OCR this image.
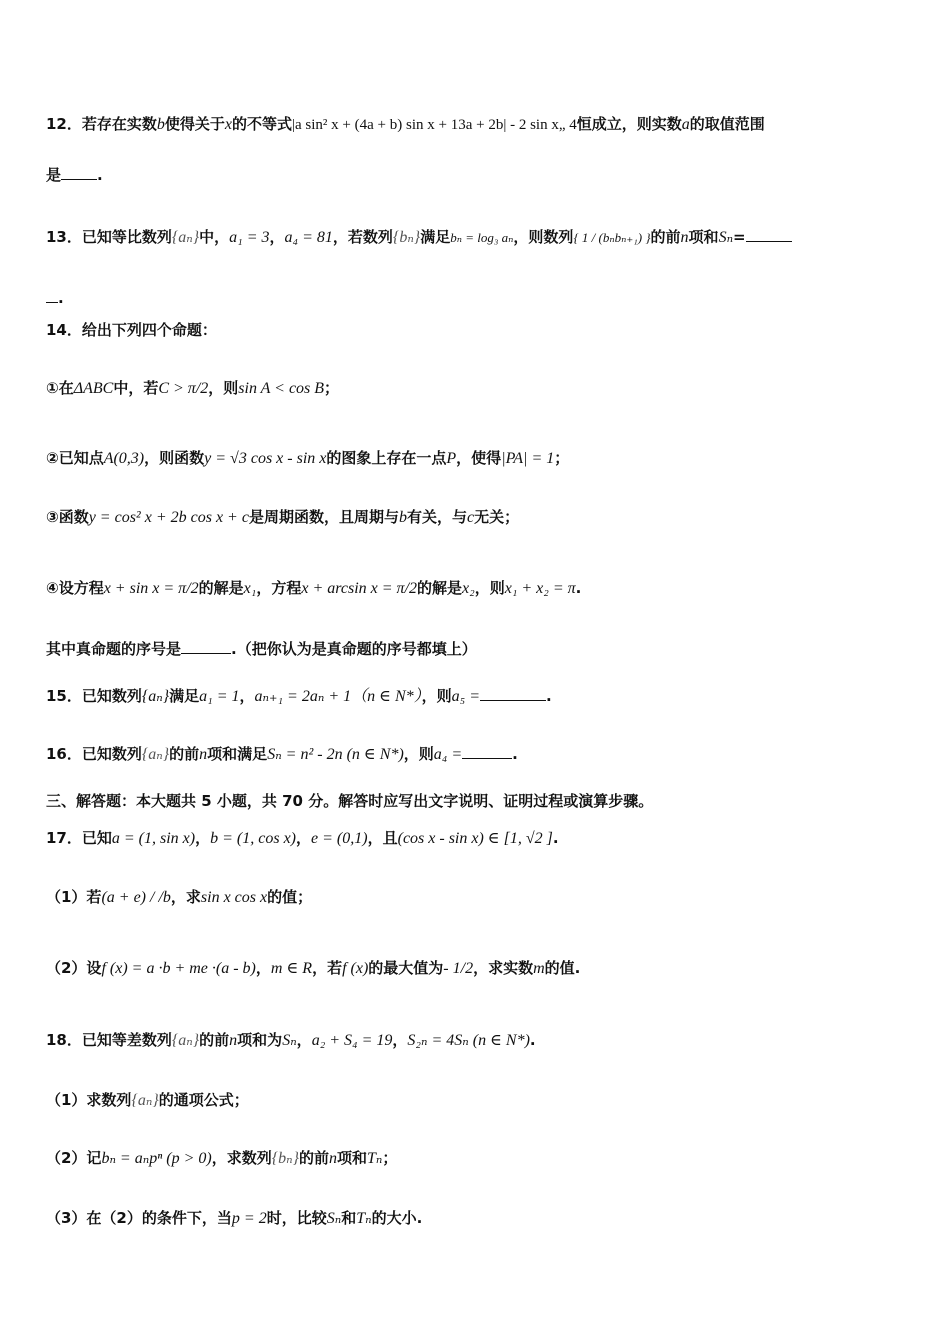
12．若存在实数b使得关于x的不等式|a sin² x + (4a + b) sin x + 13a + 2b| - 2 sin x„ 4恒成立，则实数a的取值范围
是 .
13．已知等比数列{aₙ}中，a₁ = 3，a₄ = 81，若数列{bₙ}满足bₙ = log₃ aₙ，则数列{ 1 / (bₙbₙ₊₁) }的前n项和Sₙ=
.
14．给出下列四个命题：
①在ΔABC中，若C > π/2，则sin A < cos B；
②已知点A(0,3)，则函数y = √3 cos x - sin x的图象上存在一点P，使得|PA| = 1；
③函数y = cos² x + 2b cos x + c是周期函数，且周期与b有关，与c无关；
④设方程x + sin x = π/2的解是x₁，方程x + arcsin x = π/2的解是x₂，则x₁ + x₂ = π.
其中真命题的序号是	.（把你认为是真命题的序号都填上）
15．已知数列{aₙ}满足a₁ = 1，aₙ₊₁ = 2aₙ + 1（n ∈ N*），则a₅ =	.
16．已知数列{aₙ}的前n项和满足Sₙ = n² - 2n (n ∈ N*)，则a₄ =	.
三、解答题：本大题共 5 小题，共 70 分。解答时应写出文字说明、证明过程或演算步骤。
17．已知a = (1, sin x)，b = (1, cos x)，e = (0,1)，且(cos x - sin x) ∈ [1, √2 ].
（1）若(a + e) / /b，求sin x cos x的值；
（2）设f (x) = a ·b + me ·(a - b)，m ∈ R，若f (x)的最大值为- 1/2，求实数m的值.
18．已知等差数列{aₙ}的前n项和为Sₙ，a₂ + S₄ = 19，S₂ₙ = 4Sₙ (n ∈ N*).
（1）求数列{aₙ}的通项公式；
（2）记bₙ = aₙpⁿ (p > 0)，求数列{bₙ}的前n项和Tₙ；
（3）在（2）的条件下，当p = 2时，比较Sₙ和Tₙ的大小.
